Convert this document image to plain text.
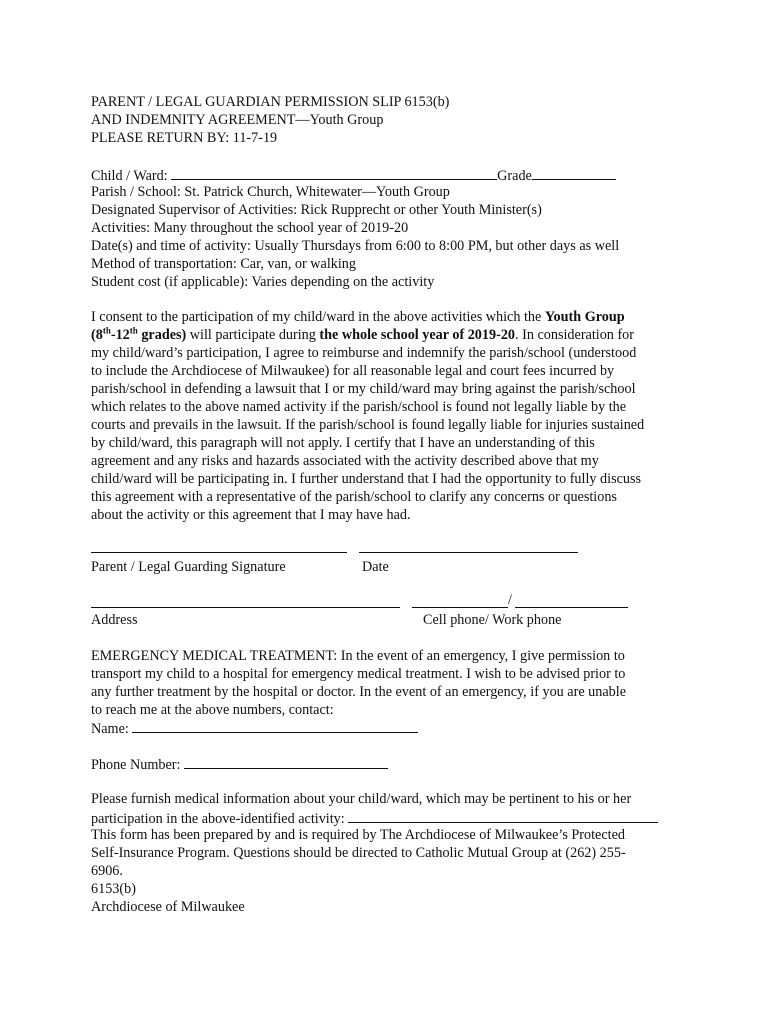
PARENT / LEGAL GUARDIAN PERMISSION SLIP 6153(b)
AND INDEMNITY AGREEMENT—Youth Group
PLEASE RETURN BY: 11-7-19
Child / Ward:	Grade
Parish / School: St. Patrick Church, Whitewater—Youth Group
Designated Supervisor of Activities: Rick Rupprecht or other Youth Minister(s)
Activities: Many throughout the school year of 2019-20
Date(s) and time of activity: Usually Thursdays from 6:00 to 8:00 PM, but other days as well
Method of transportation: Car, van, or walking
Student cost (if applicable): Varies depending on the activity
I consent to the participation of my child/ward in the above activities which the Youth Group
(8th-12th grades) will participate during the whole school year of 2019-20. In consideration for
my child/ward’s participation, I agree to reimburse and indemnify the parish/school (understood
to include the Archdiocese of Milwaukee) for all reasonable legal and court fees incurred by
parish/school in defending a lawsuit that I or my child/ward may bring against the parish/school
which relates to the above named activity if the parish/school is found not legally liable by the
courts and prevails in the lawsuit. If the parish/school is found legally liable for injuries sustained
by child/ward, this paragraph will not apply. I certify that I have an understanding of this
agreement and any risks and hazards associated with the activity described above that my
child/ward will be participating in. I further understand that I had the opportunity to fully discuss
this agreement with a representative of the parish/school to clarify any concerns or questions
about the activity or this agreement that I may have had.
Parent / Legal Guarding Signature	Date
/
Address	Cell phone/ Work phone
EMERGENCY MEDICAL TREATMENT: In the event of an emergency, I give permission to
transport my child to a hospital for emergency medical treatment. I wish to be advised prior to
any further treatment by the hospital or doctor. In the event of an emergency, if you are unable
to reach me at the above numbers, contact:
Name:
Phone Number:
Please furnish medical information about your child/ward, which may be pertinent to his or her
participation in the above-identified activity:
This form has been prepared by and is required by The Archdiocese of Milwaukee’s Protected
Self-Insurance Program. Questions should be directed to Catholic Mutual Group at (262) 255-
6906.
6153(b)
Archdiocese of Milwaukee
